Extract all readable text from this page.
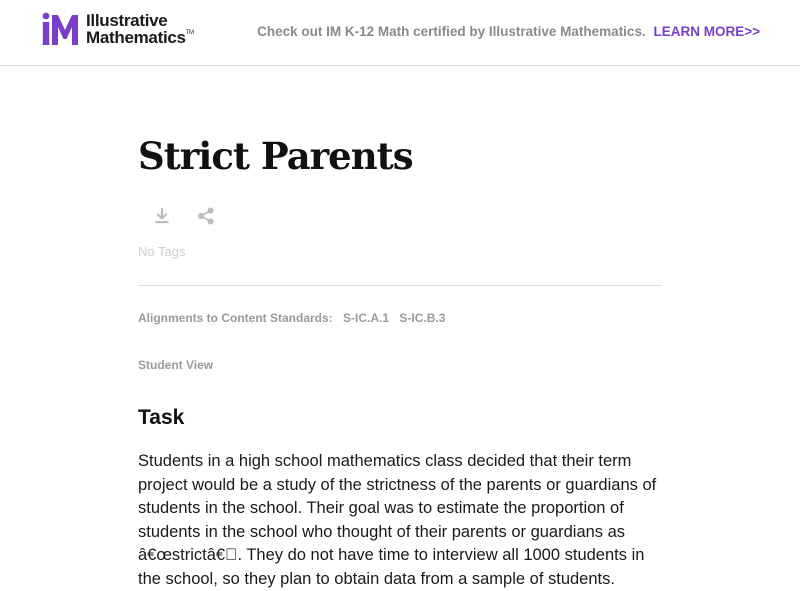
Illustrative
Mathematics™	Check out IM K-12 Math certified by Illustrative Mathematics. LEARN MORE>>
Strict Parents
No Tags
Alignments to Content Standards: S-IC.A.1 S-IC.B.3
Student View
Task

Students in a high school mathematics class decided that their term project would be a study of the strictness of the parents or guardians of students in the school. Their goal was to estimate the proportion of students in the school who thought of their parents or guardians as â€œstrictâ€ . They do not have time to interview all 1000 students in the school, so they plan to obtain data from a sample of students.
